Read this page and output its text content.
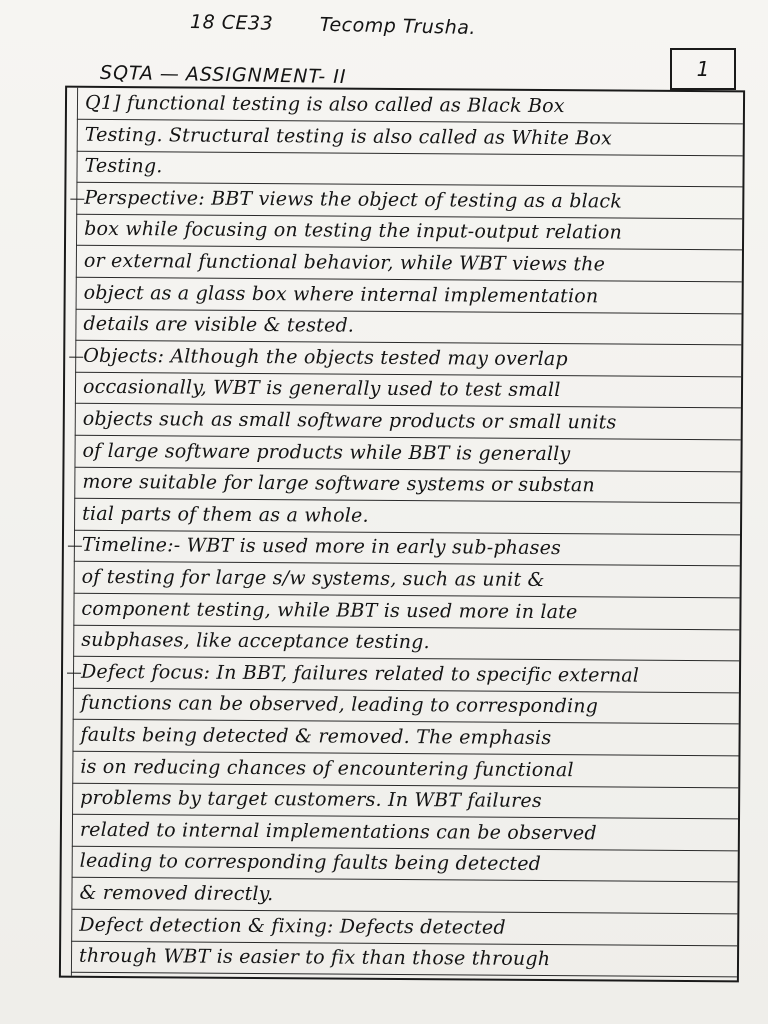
18 CE33 Tecomp Trusha.
SQTA — ASSIGNMENT- II	1
Q1] functional testing is also called as Black Box
Testing. Structural testing is also called as White Box
Testing.
Perspective: BBT views the object of testing as a black
box while focusing on testing the input-output relation
or external functional behavior, while WBT views the
object as a glass box where internal implementation
details are visible & tested.
Objects: Although the objects tested may overlap
occasionally, WBT is generally used to test small
objects such as small software products or small units
of large software products while BBT is generally
more suitable for large software systems or substan
tial parts of them as a whole.
Timeline:- WBT is used more in early sub-phases
of testing for large s/w systems, such as unit &
component testing, while BBT is used more in late
subphases, like acceptance testing.
Defect focus: In BBT, failures related to specific external
functions can be observed, leading to corresponding
faults being detected & removed. The emphasis
is on reducing chances of encountering functional
problems by target customers. In WBT failures
related to internal implementations can be observed
leading to corresponding faults being detected
& removed directly.
Defect detection & fixing: Defects detected
through WBT is easier to fix than those through
